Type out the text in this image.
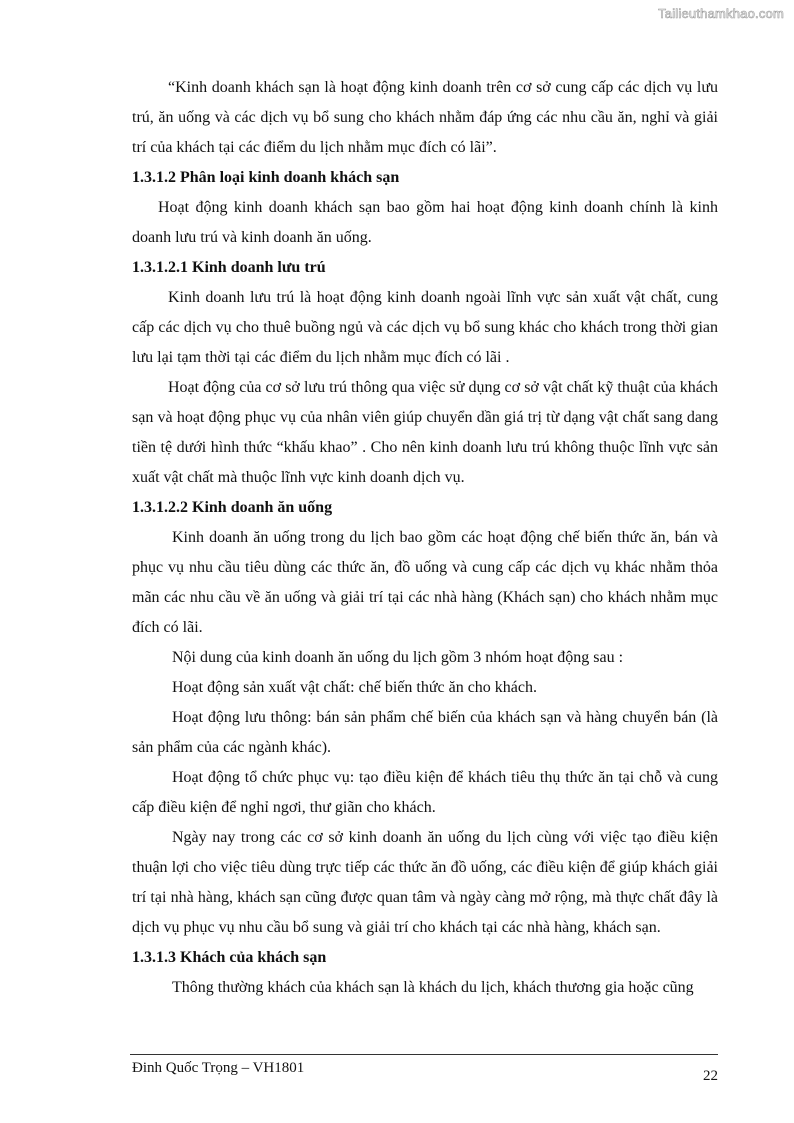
Tailieuthamkhao.com

“Kinh doanh khách sạn là hoạt động kinh doanh trên cơ sở cung cấp các dịch vụ lưu trú, ăn uống và các dịch vụ bổ sung cho khách nhằm đáp ứng các nhu cầu ăn, nghỉ và giải trí của khách tại các điểm du lịch nhằm mục đích có lãi”.

1.3.1.2 Phân loại kinh doanh khách sạn

Hoạt động kinh doanh khách sạn bao gồm hai hoạt động kinh doanh chính là kinh doanh lưu trú và kinh doanh ăn uống.

1.3.1.2.1 Kinh doanh lưu trú

Kinh doanh lưu trú là hoạt động kinh doanh ngoài lĩnh vực sản xuất vật chất, cung cấp các dịch vụ cho thuê buồng ngủ và các dịch vụ bổ sung khác cho khách trong thời gian lưu lại tạm thời tại các điểm du lịch nhằm mục đích có lãi .

Hoạt động của cơ sở lưu trú thông qua việc sử dụng cơ sở vật chất kỹ thuật của khách sạn và hoạt động phục vụ của nhân viên giúp chuyển dần giá trị từ dạng vật chất sang dang tiền tệ dưới hình thức “khấu khao” . Cho nên kinh doanh lưu trú không thuộc lĩnh vực sản xuất vật chất mà thuộc lĩnh vực kinh doanh dịch vụ.

1.3.1.2.2 Kinh doanh ăn uống

Kinh doanh ăn uống trong du lịch bao gồm các hoạt động chế biến thức ăn, bán và phục vụ nhu cầu tiêu dùng các thức ăn, đồ uống và cung cấp các dịch vụ khác nhằm thỏa mãn các nhu cầu về ăn uống và giải trí tại các nhà hàng (Khách sạn) cho khách nhằm mục đích có lãi.

Nội dung của kinh doanh ăn uống du lịch gồm 3 nhóm hoạt động sau :

Hoạt động sản xuất vật chất: chế biến thức ăn cho khách.

Hoạt động lưu thông: bán sản phẩm chế biến của khách sạn và hàng chuyển bán (là sản phẩm của các ngành khác).

Hoạt động tổ chức phục vụ: tạo điều kiện để khách tiêu thụ thức ăn tại chỗ và cung cấp điều kiện để nghỉ ngơi, thư giãn cho khách.

Ngày nay trong các cơ sở kinh doanh ăn uống du lịch cùng với việc tạo điều kiện thuận lợi cho việc tiêu dùng trực tiếp các thức ăn đồ uống, các điều kiện để giúp khách giải trí tại nhà hàng, khách sạn cũng được quan tâm và ngày càng mở rộng, mà thực chất đây là dịch vụ phục vụ nhu cầu bổ sung và giải trí cho khách tại các nhà hàng, khách sạn.

1.3.1.3 Khách của khách sạn

Thông thường khách của khách sạn là khách du lịch, khách thương gia hoặc cũng

Đinh Quốc Trọng – VH1801	22
